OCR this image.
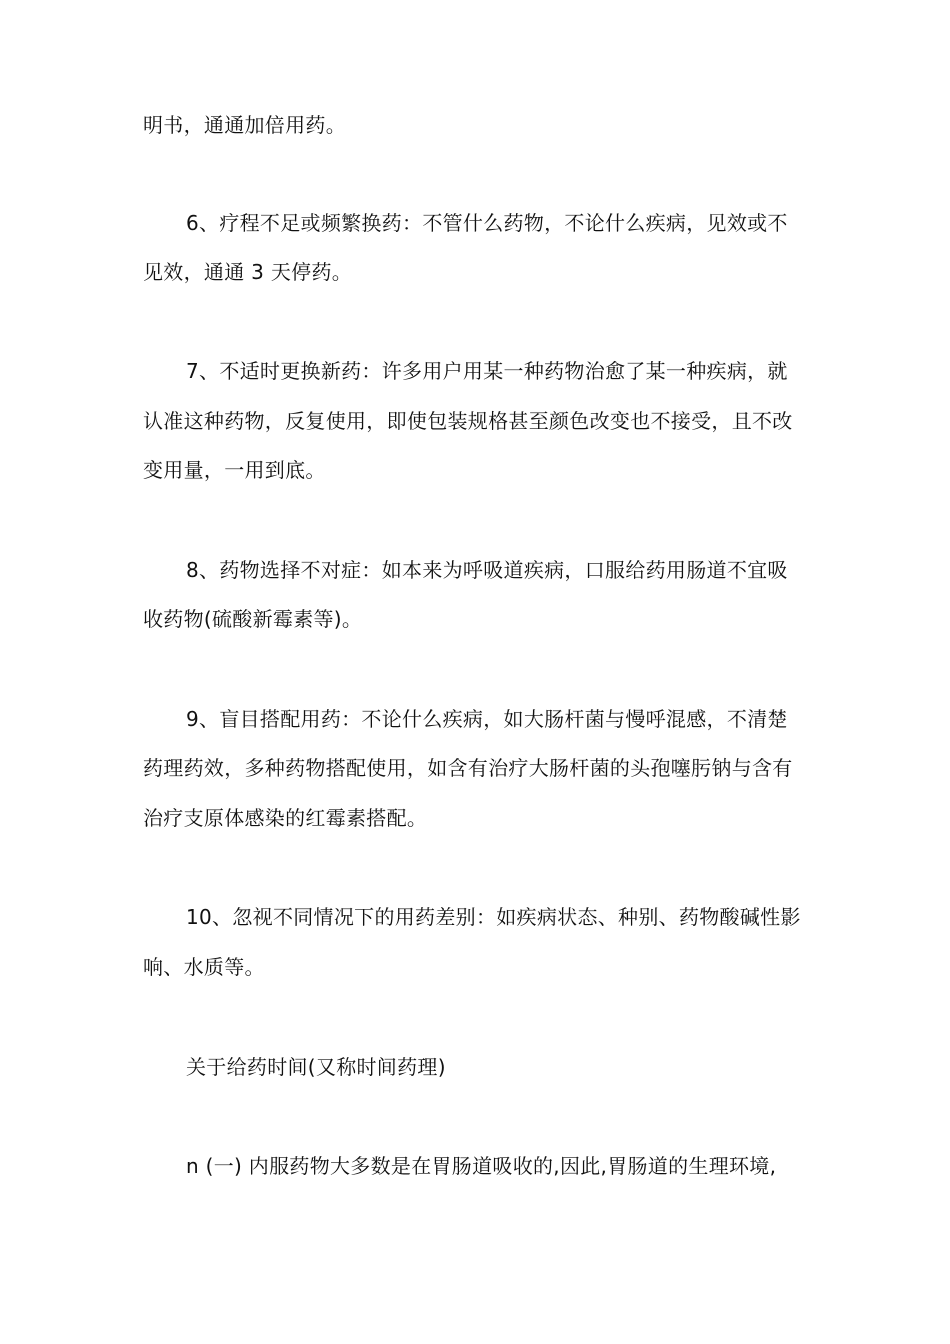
明书，通通加倍用药。
6、疗程不足或频繁换药：不管什么药物，不论什么疾病，见效或不
见效，通通 3 天停药。
7、不适时更换新药：许多用户用某一种药物治愈了某一种疾病，就
认准这种药物，反复使用，即使包装规格甚至颜色改变也不接受，且不改
变用量，一用到底。
8、药物选择不对症：如本来为呼吸道疾病，口服给药用肠道不宜吸
收药物(硫酸新霉素等)。
9、盲目搭配用药：不论什么疾病，如大肠杆菌与慢呼混感，不清楚
药理药效，多种药物搭配使用，如含有治疗大肠杆菌的头孢噻肟钠与含有
治疗支原体感染的红霉素搭配。
10、忽视不同情况下的用药差别：如疾病状态、种别、药物酸碱性影
响、水质等。
关于给药时间(又称时间药理)
n (一) 内服药物大多数是在胃肠道吸收的,因此,胃肠道的生理环境,
